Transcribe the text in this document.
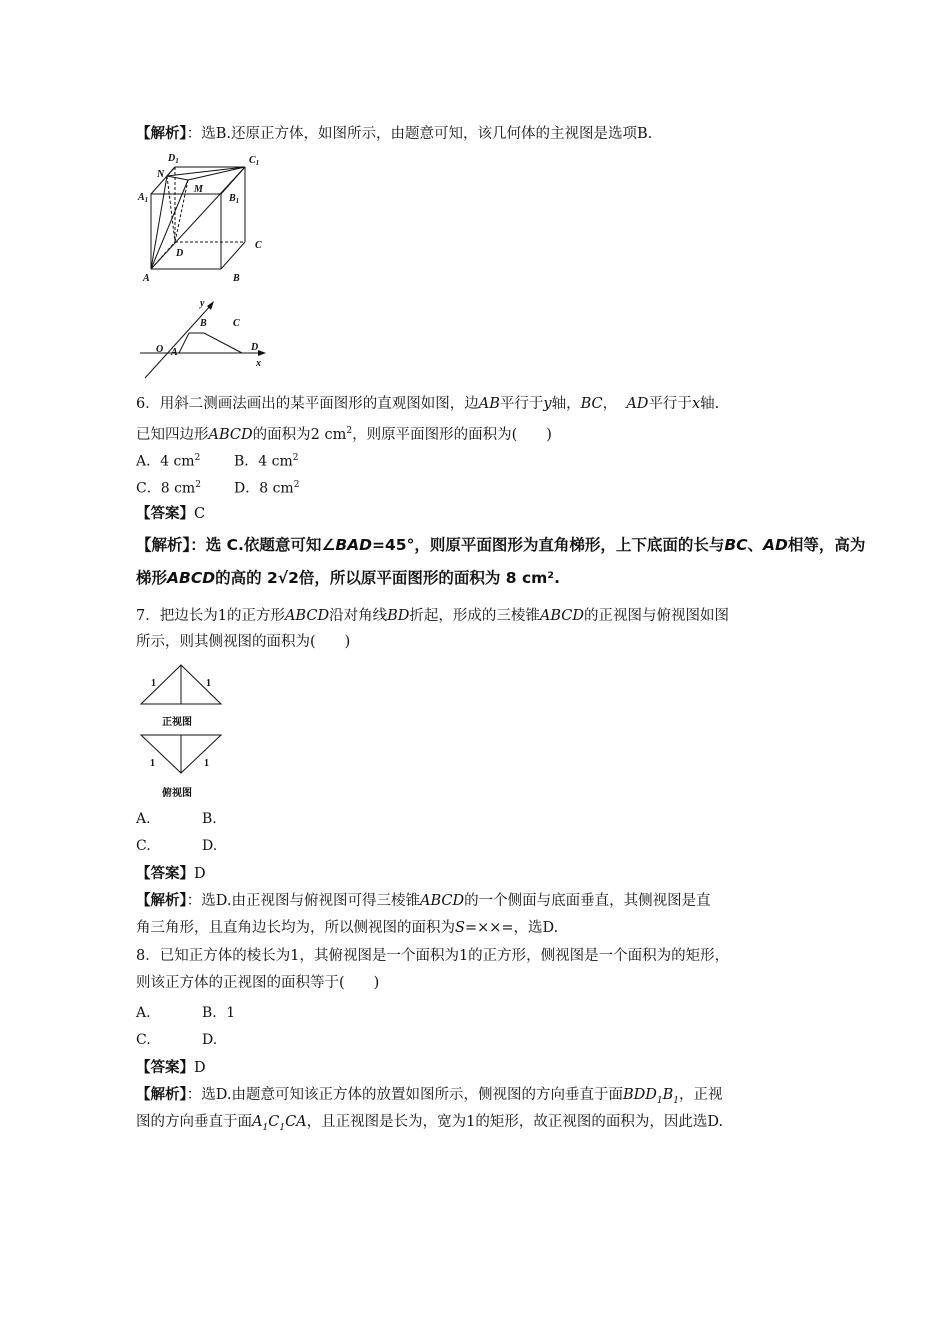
【解析】：选B.还原正方体，如图所示，由题意可知，该几何体的主视图是选项B.
$D_1$	$C_1$
N
M
$A_1$	$B_1$
D
C
A	B
y
x
O A
B	C
D
6．用斜二测画法画出的某平面图形的直观图如图，边AB平行于y轴，BC， AD平行于x轴.
已知四边形ABCD的面积为2 $cm^2$，则原平面图形的面积为(　　)
A．4 $cm^2$ B．4 $cm^2$
C．8 $cm^2$ D．8 $cm^2$
【答案】C
【解析】：选 C.依题意可知∠BAD=45°，则原平面图形为直角梯形，上下底面的长与BC、AD相等，高为
梯形ABCD的高的 2√2倍，所以原平面图形的面积为 8 cm².
7．把边长为1的正方形ABCD沿对角线BD折起，形成的三棱锥ABCD的正视图与俯视图如图
所示，则其侧视图的面积为(　　)
1	1
1	1
正视图
俯视图
A.	B.
C.	D.
【答案】D
【解析】：选D.由正视图与俯视图可得三棱锥ABCD的一个侧面与底面垂直，其侧视图是直
角三角形，且直角边长均为，所以侧视图的面积为S=××=，选D.
8．已知正方体的棱长为1，其俯视图是一个面积为1的正方形，侧视图是一个面积为的矩形，
则该正方体的正视图的面积等于(　　)
A.	B．1
C.	D.
【答案】D
【解析】：选D.由题意可知该正方体的放置如图所示，侧视图的方向垂直于面$BDD_1B_1$，正视
图的方向垂直于面$A_1C_1CA$，且正视图是长为，宽为1的矩形，故正视图的面积为，因此选D.
